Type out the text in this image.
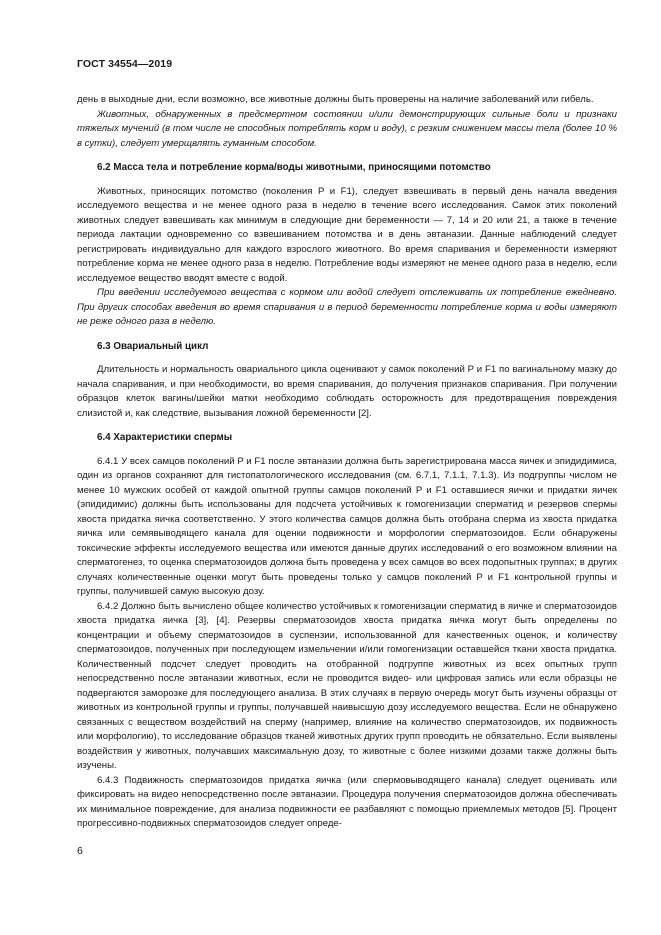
ГОСТ 34554—2019

день в выходные дни, если возможно, все животные должны быть проверены на наличие заболеваний или гибель.

Животных, обнаруженных в предсмертном состоянии и/или демонстрирующих сильные боли и признаки тяжелых мучений (в том числе не способных потреблять корм и воду), с резким снижением массы тела (более 10 % в сутки), следует умерщвлять гуманным способом.

6.2 Масса тела и потребление корма/воды животными, приносящими потомство

Животных, приносящих потомство (поколения P и F1), следует взвешивать в первый день начала введения исследуемого вещества и не менее одного раза в неделю в течение всего исследования. Самок этих поколений животных следует взвешивать как минимум в следующие дни беременности — 7, 14 и 20 или 21, а также в течение периода лактации одновременно со взвешиванием потомства и в день эвтаназии. Данные наблюдений следует регистрировать индивидуально для каждого взрослого животного. Во время спаривания и беременности измеряют потребление корма не менее одного раза в неделю. Потребление воды измеряют не менее одного раза в неделю, если исследуемое вещество вводят вместе с водой.

При введении исследуемого вещества с кормом или водой следует отслеживать их потребление ежедневно. При других способах введения во время спаривания и в период беременности потребление корма и воды измеряют не реже одного раза в неделю.

6.3 Овариальный цикл

Длительность и нормальность овариального цикла оценивают у самок поколений P и F1 по вагинальному мазку до начала спаривания, и при необходимости, во время спаривания, до получения признаков спаривания. При получении образцов клеток вагины/шейки матки необходимо соблюдать осторожность для предотвращения повреждения слизистой и, как следствие, вызывания ложной беременности [2].

6.4 Характеристики спермы

6.4.1 У всех самцов поколений P и F1 после эвтаназии должна быть зарегистрирована масса яичек и эпидидимиса, один из органов сохраняют для гистопатологического исследования (см. 6.7.1, 7.1.1, 7.1.3). Из подгруппы числом не менее 10 мужских особей от каждой опытной группы самцов поколений P и F1 оставшиеся яички и придатки яичек (эпидидимис) должны быть использованы для подсчета устойчивых к гомогенизации сперматид и резервов спермы хвоста придатка яичка соответственно. У этого количества самцов должна быть отобрана сперма из хвоста придатка яичка или семявыводящего канала для оценки подвижности и морфологии сперматозоидов. Если обнаружены токсические эффекты исследуемого вещества или имеются данные других исследований о его возможном влиянии на сперматогенез, то оценка сперматозоидов должна быть проведена у всех самцов во всех подопытных группах; в других случаях количественные оценки могут быть проведены только у самцов поколений P и F1 контрольной группы и группы, получившей самую высокую дозу.

6.4.2 Должно быть вычислено общее количество устойчивых к гомогенизации сперматид в яичке и сперматозоидов хвоста придатка яичка [3], [4]. Резервы сперматозоидов хвоста придатка яичка могут быть определены по концентрации и объему сперматозоидов в суспензии, использованной для качественных оценок, и количеству сперматозоидов, полученных при последующем измельчении и/или гомогенизации оставшейся ткани хвоста придатка. Количественный подсчет следует проводить на отобранной подгруппе животных из всех опытных групп непосредственно после эвтаназии животных, если не проводится видео- или цифровая запись или если образцы не подвергаются заморозке для последующего анализа. В этих случаях в первую очередь могут быть изучены образцы от животных из контрольной группы и группы, получавшей наивысшую дозу исследуемого вещества. Если не обнаружено связанных с веществом воздействий на сперму (например, влияние на количество сперматозоидов, их подвижность или морфологию), то исследование образцов тканей животных других групп проводить не обязательно. Если выявлены воздействия у животных, получавших максимальную дозу, то животные с более низкими дозами также должны быть изучены.

6.4.3 Подвижность сперматозоидов придатка яичка (или спермовыводящего канала) следует оценивать или фиксировать на видео непосредственно после эвтаназии. Процедура получения сперматозоидов должна обеспечивать их минимальное повреждение, для анализа подвижности ее разбавляют с помощью приемлемых методов [5]. Процент прогрессивно-подвижных сперматозоидов следует опреде-

6
